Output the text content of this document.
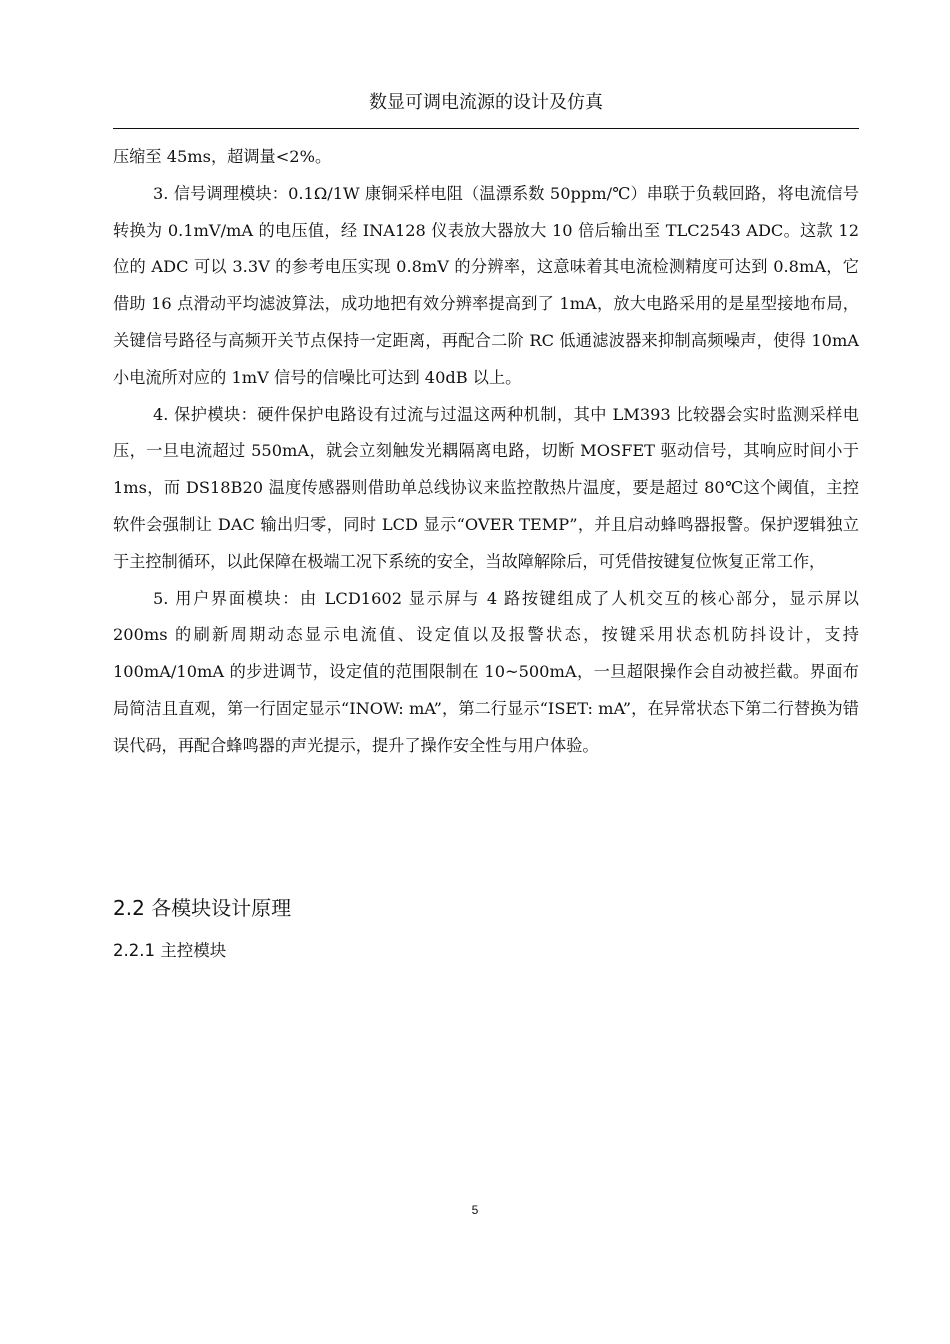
数显可调电流源的设计及仿真

压缩至 45ms，超调量<2%。

3. 信号调理模块：0.1Ω/1W 康铜采样电阻（温漂系数 50ppm/℃）串联于负载回路，将电流信号转换为 0.1mV/mA 的电压值，经 INA128 仪表放大器放大 10 倍后输出至 TLC2543 ADC。这款 12 位的 ADC 可以 3.3V 的参考电压实现 0.8mV 的分辨率，这意味着其电流检测精度可达到 0.8mA，它借助 16 点滑动平均滤波算法，成功地把有效分辨率提高到了 1mA，放大电路采用的是星型接地布局，关键信号路径与高频开关节点保持一定距离，再配合二阶 RC 低通滤波器来抑制高频噪声，使得 10mA 小电流所对应的 1mV 信号的信噪比可达到 40dB 以上。

4. 保护模块：硬件保护电路设有过流与过温这两种机制，其中 LM393 比较器会实时监测采样电压，一旦电流超过 550mA，就会立刻触发光耦隔离电路，切断 MOSFET 驱动信号，其响应时间小于 1ms，而 DS18B20 温度传感器则借助单总线协议来监控散热片温度，要是超过 80℃这个阈值，主控软件会强制让 DAC 输出归零，同时 LCD 显示“OVER TEMP”，并且启动蜂鸣器报警。保护逻辑独立于主控制循环，以此保障在极端工况下系统的安全，当故障解除后，可凭借按键复位恢复正常工作，

5. 用户界面模块：由 LCD1602 显示屏与 4 路按键组成了人机交互的核心部分，显示屏以 200ms 的刷新周期动态显示电流值、设定值以及报警状态，按键采用状态机防抖设计，支持 100mA/10mA 的步进调节，设定值的范围限制在 10~500mA，一旦超限操作会自动被拦截。界面布局简洁且直观，第一行固定显示“INOW: mA”，第二行显示“ISET: mA”，在异常状态下第二行替换为错误代码，再配合蜂鸣器的声光提示，提升了操作安全性与用户体验。

2.2 各模块设计原理
2.2.1 主控模块
5
